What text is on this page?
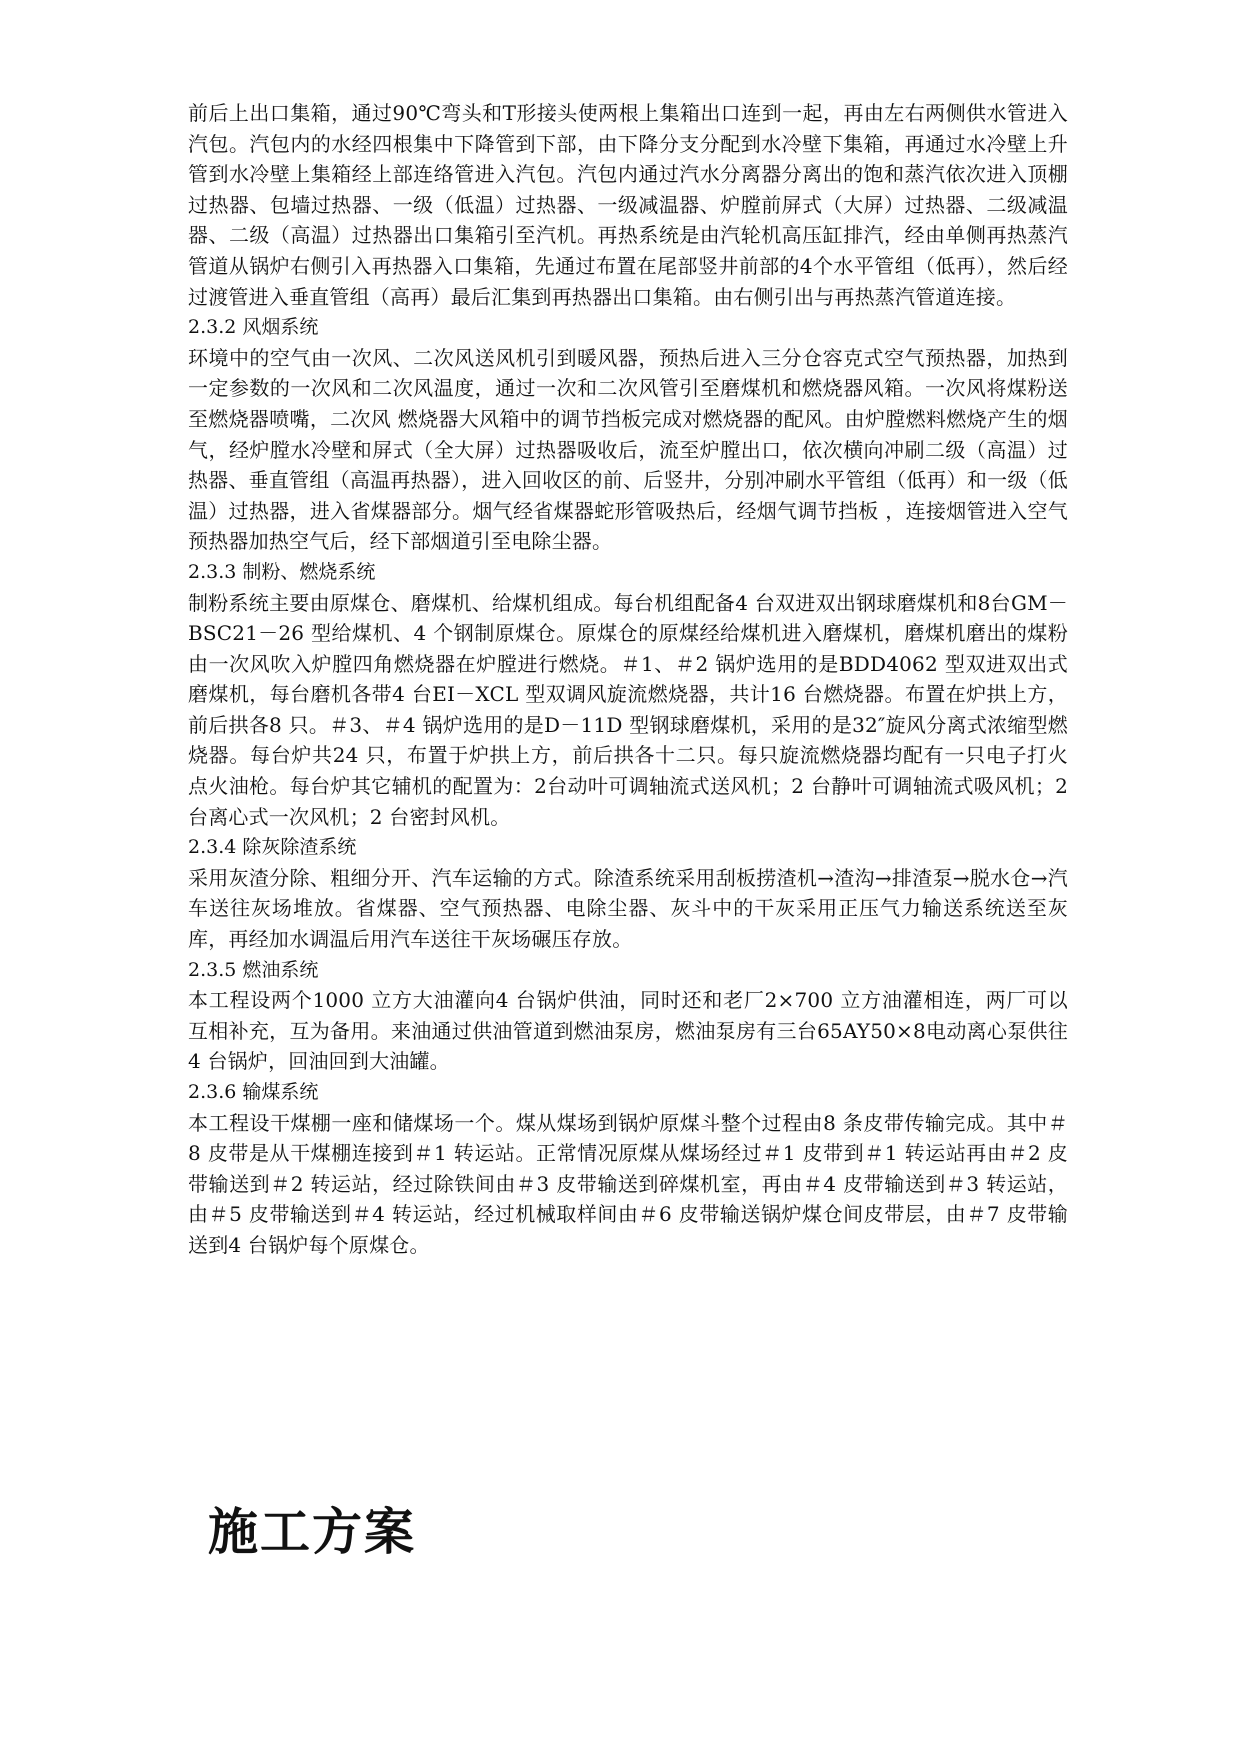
前后上出口集箱，通过90℃弯头和T形接头使两根上集箱出口连到一起，再由左右两侧供水管进入汽包。汽包内的水经四根集中下降管到下部，由下降分支分配到水冷壁下集箱，再通过水冷壁上升管到水冷壁上集箱经上部连络管进入汽包。汽包内通过汽水分离器分离出的饱和蒸汽依次进入顶棚过热器、包墙过热器、一级（低温）过热器、一级减温器、炉膛前屏式（大屏）过热器、二级减温器、二级（高温）过热器出口集箱引至汽机。再热系统是由汽轮机高压缸排汽，经由单侧再热蒸汽管道从锅炉右侧引入再热器入口集箱，先通过布置在尾部竖井前部的4个水平管组（低再），然后经过渡管进入垂直管组（高再）最后汇集到再热器出口集箱。由右侧引出与再热蒸汽管道连接。

2.3.2 风烟系统

环境中的空气由一次风、二次风送风机引到暖风器，预热后进入三分仓容克式空气预热器，加热到一定参数的一次风和二次风温度，通过一次和二次风管引至磨煤机和燃烧器风箱。一次风将煤粉送至燃烧器喷嘴，二次风 燃烧器大风箱中的调节挡板完成对燃烧器的配风。由炉膛燃料燃烧产生的烟气，经炉膛水冷壁和屏式（全大屏）过热器吸收后，流至炉膛出口，依次横向冲刷二级（高温）过热器、垂直管组（高温再热器），进入回收区的前、后竖井，分别冲刷水平管组（低再）和一级（低温）过热器，进入省煤器部分。烟气经省煤器蛇形管吸热后，经烟气调节挡板 ，连接烟管进入空气预热器加热空气后，经下部烟道引至电除尘器。

2.3.3 制粉、燃烧系统

制粉系统主要由原煤仓、磨煤机、给煤机组成。每台机组配备4 台双进双出钢球磨煤机和8台GM－BSC21－26 型给煤机、4 个钢制原煤仓。原煤仓的原煤经给煤机进入磨煤机，磨煤机磨出的煤粉由一次风吹入炉膛四角燃烧器在炉膛进行燃烧。＃1、＃2 锅炉选用的是BDD4062 型双进双出式磨煤机，每台磨机各带4 台EI－XCL 型双调风旋流燃烧器，共计16 台燃烧器。布置在炉拱上方，前后拱各8 只。＃3、＃4 锅炉选用的是D－11D 型钢球磨煤机，采用的是32″旋风分离式浓缩型燃烧器。每台炉共24 只，布置于炉拱上方，前后拱各十二只。每只旋流燃烧器均配有一只电子打火点火油枪。每台炉其它辅机的配置为：2台动叶可调轴流式送风机；2 台静叶可调轴流式吸风机；2 台离心式一次风机；2 台密封风机。

2.3.4 除灰除渣系统

采用灰渣分除、粗细分开、汽车运输的方式。除渣系统采用刮板捞渣机→渣沟→排渣泵→脱水仓→汽车送往灰场堆放。省煤器、空气预热器、电除尘器、灰斗中的干灰采用正压气力输送系统送至灰库，再经加水调温后用汽车送往干灰场碾压存放。

2.3.5 燃油系统

本工程设两个1000 立方大油灌向4 台锅炉供油，同时还和老厂2×700 立方油灌相连，两厂可以互相补充，互为备用。来油通过供油管道到燃油泵房，燃油泵房有三台65AY50×8电动离心泵供往4 台锅炉，回油回到大油罐。

2.3.6 输煤系统

本工程设干煤棚一座和储煤场一个。煤从煤场到锅炉原煤斗整个过程由8 条皮带传输完成。其中＃8 皮带是从干煤棚连接到＃1 转运站。正常情况原煤从煤场经过＃1 皮带到＃1 转运站再由＃2 皮带输送到＃2 转运站，经过除铁间由＃3 皮带输送到碎煤机室，再由＃4 皮带输送到＃3 转运站，由＃5 皮带输送到＃4 转运站，经过机械取样间由＃6 皮带输送锅炉煤仓间皮带层，由＃7 皮带输送到4 台锅炉每个原煤仓。

施工方案
